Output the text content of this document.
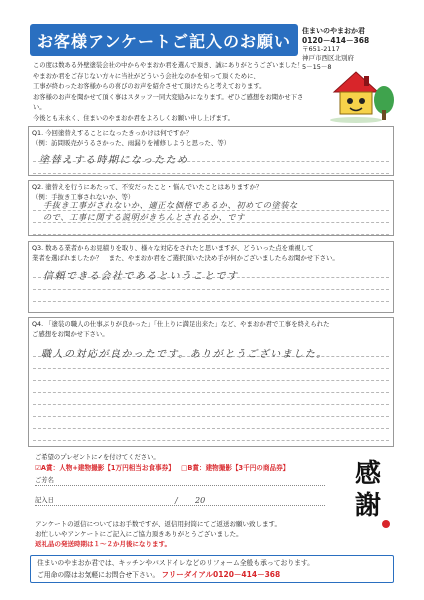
お客様アンケートご記入のお願い
住まいのやまおか君
0120－414－368
〒651-2117
神戸市西区北別府
5－15－8
この度は数ある外壁塗装会社の中からやまおか君を選んで頂き、誠にありがとうございました！
やまおか君をご存じない方々に当社がどういう会社なのかを知って頂くために、
工事が終わったお客様からの喜びのお声を紹介させて頂けたらと考えております。
お客様のお声を聞かせて頂く事はスタッフ一同大変励みになります。ぜひご感想をお聞かせ下さい。
今後とも末永く、住まいのやまおか君をよろしくお願い申し上げます。
Q1. 今回塗替えすることになったきっかけは何ですか？
（例：訪問販売がうるさかった、雨漏りを補修しようと思った、等）
塗替えする時期になったため
Q2. 塗替えを行うにあたって、不安だったこと・悩んでいたことはありますか？
（例：手抜き工事されないか、等）
手抜き工事がされないか、適正な価格であるか、初めての塗装な
ので、工事に関する説明がきちんとされるか、です
Q3. 数ある業者からお見積りを取り、様々な対応をされたと思いますが、どういった点を重視して
業者を選ばれましたか？　また、やまおか君をご選択頂いた決め手が何かございましたらお聞かせ下さい。
信頼できる会社であるということです
Q4. 「塗装の職人の仕事ぶりが良かった」「仕上りに満足出来た」など、やまおか君で工事を終えられた
ご感想をお聞かせ下さい。
職人の対応が良かったです。ありがとうございました。
ご希望のプレゼントに✓を付けてください。
☑A賞：人物+建物撮影【1万円相当お食事券】 □B賞：建物撮影【3千円の商品券】
ご芳名
記入日	/ 20
感
謝
アンケートの返信についてはお手数ですが、返信用封筒にてご返送お願い致します。
お忙しいやアンケートにご記入にご協力頂きありがとうございました。
返礼品の発送時期は１～２か月後になります。
住まいのやまおか君では、キッチンやバスドイレなどのリフォーム全般も承っております。
ご用命の際はお気軽にお問合せ下さい。 フリーダイアル0120－414－368
